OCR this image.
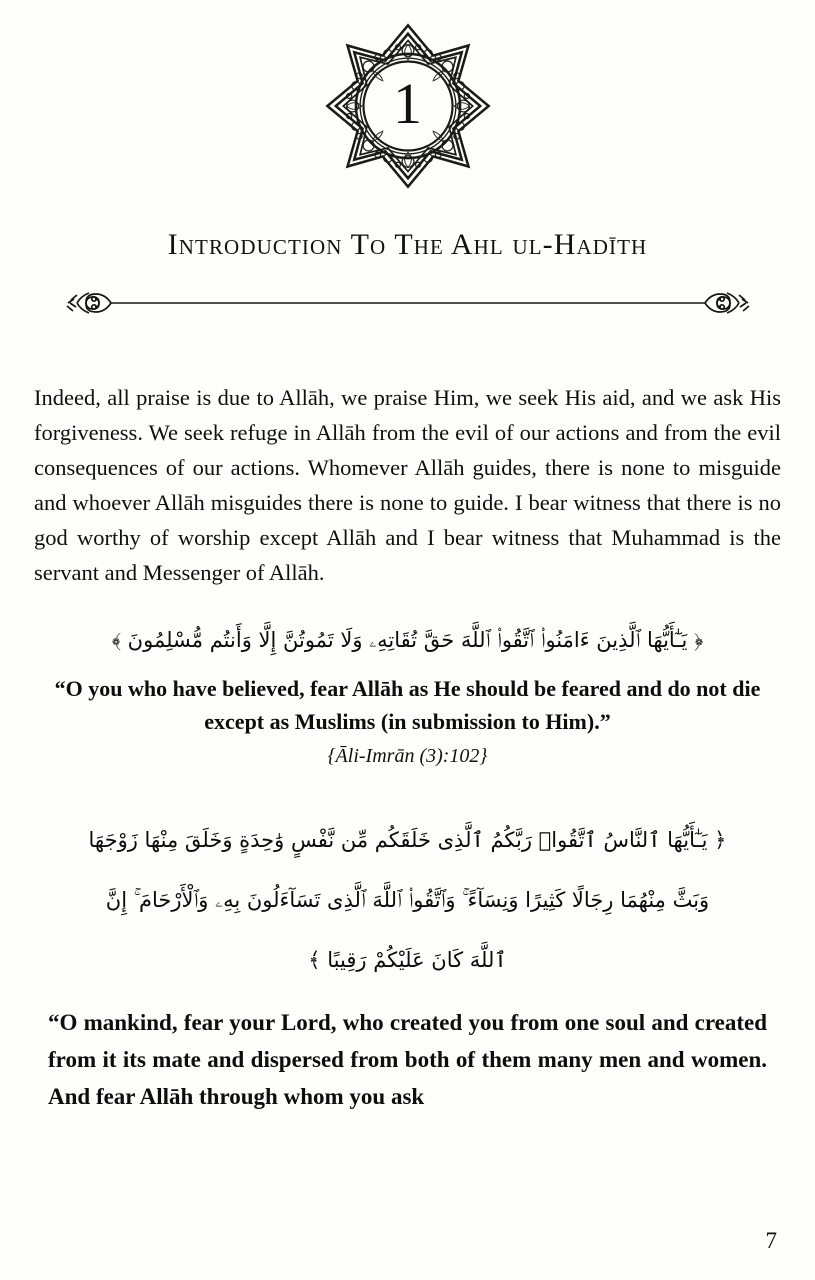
1
Introduction To The Ahl ul-Hadīth

Indeed, all praise is due to Allāh, we praise Him, we seek His aid, and we ask His forgiveness. We seek refuge in Allāh from the evil of our actions and from the evil consequences of our actions. Whomever Allāh guides, there is none to misguide and whoever Allāh misguides there is none to guide. I bear witness that there is no god worthy of worship except Allāh and I bear witness that Muhammad is the servant and Messenger of Allāh.

﴿ يَـٰٓأَيُّهَا ٱلَّذِينَ ءَامَنُوا۟ ٱتَّقُوا۟ ٱللَّهَ حَقَّ تُقَاتِهِۦ وَلَا تَمُوتُنَّ إِلَّا وَأَنتُم مُّسْلِمُونَ ﴾
“O you who have believed, fear Allāh as He should be feared and do not die except as Muslims (in submission to Him).”
{Āli-Imrān (3):102}
﴿ يَـٰٓأَيُّهَا ٱلنَّاسُ ٱتَّقُوا۟ رَبَّكُمُ ٱلَّذِى خَلَقَكُم مِّن نَّفْسٍ وَٰحِدَةٍ وَخَلَقَ مِنْهَا زَوْجَهَا
وَبَثَّ مِنْهُمَا رِجَالًا كَثِيرًا وَنِسَآءً ۚ وَٱتَّقُوا۟ ٱللَّهَ ٱلَّذِى تَسَآءَلُونَ بِهِۦ وَٱلْأَرْحَامَ ۚ إِنَّ
ٱللَّهَ كَانَ عَلَيْكُمْ رَقِيبًا ﴾
“O mankind, fear your Lord, who created you from one soul and created from it its mate and dispersed from both of them many men and women. And fear Allāh through whom you ask
7
